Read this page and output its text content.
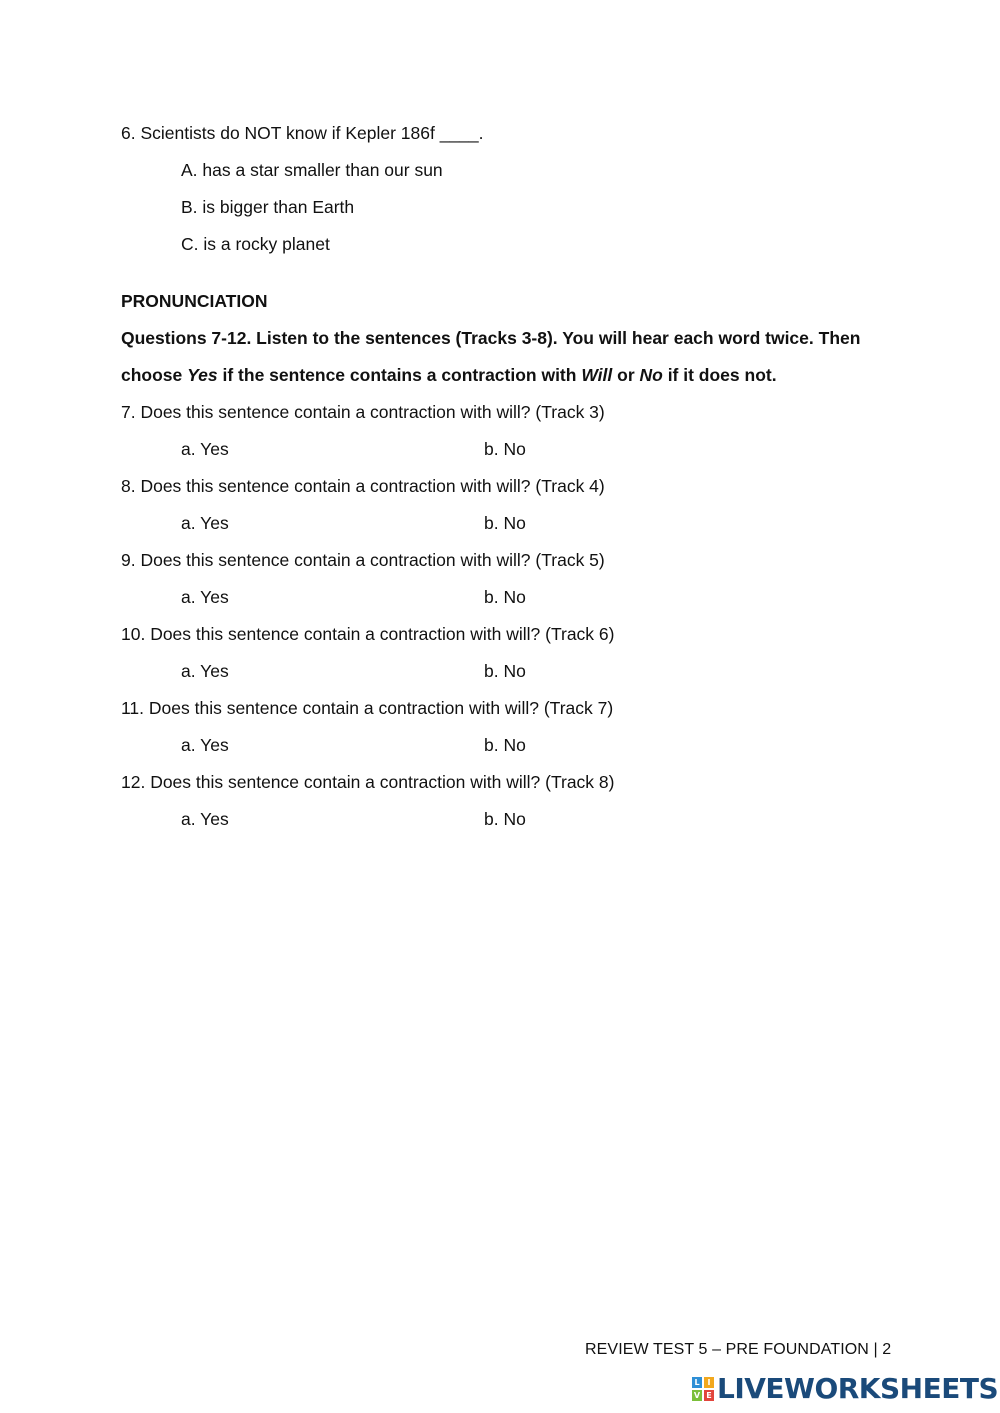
6. Scientists do NOT know if Kepler 186f ____.
A. has a star smaller than our sun
B. is bigger than Earth
C. is a rocky planet
PRONUNCIATION
Questions 7-12. Listen to the sentences (Tracks 3-8). You will hear each word twice. Then
choose Yes if the sentence contains a contraction with Will or No if it does not.
7. Does this sentence contain a contraction with will? (Track 3)
a. Yes	b. No
8. Does this sentence contain a contraction with will? (Track 4)
a. Yes	b. No
9. Does this sentence contain a contraction with will? (Track 5)
a. Yes	b. No
10. Does this sentence contain a contraction with will? (Track 6)
a. Yes	b. No
11. Does this sentence contain a contraction with will? (Track 7)
a. Yes	b. No
12. Does this sentence contain a contraction with will? (Track 8)
a. Yes	b. No
REVIEW TEST 5 – PRE FOUNDATION | 2
L I
V E LIVEWORKSHEETS
